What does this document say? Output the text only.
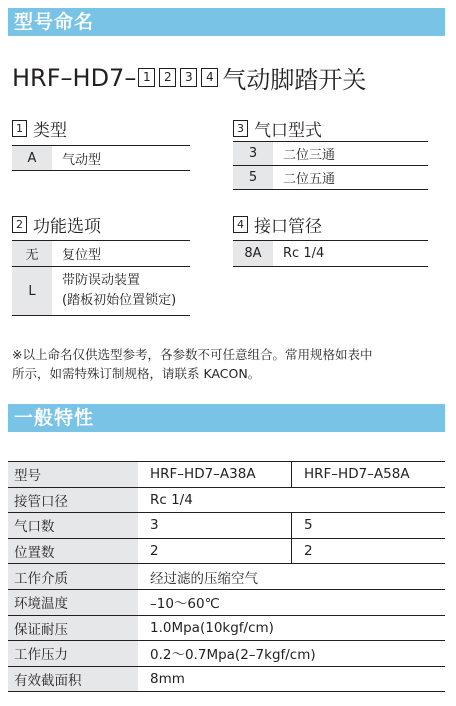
型号命名
HRF–HD7– 1	2	3	4 气动脚踏开关
1 类型
A	气动型
3 气口型式
3	二位三通
5	二位五通
2 功能选项
无	复位型
L	带防误动装置
(踏板初始位置锁定)
4 接口管径
8A	Rc 1/4
※以上命名仅供选型参考，各参数不可任意组合。常用规格如表中
所示，如需特殊订制规格，请联系 KACON。
一般特性
型号	HRF–HD7–A38A	HRF–HD7–A58A
接管口径	Rc 1/4	
气口数	3	5
位置数	2	2
工作介质	经过滤的压缩空气	
环境温度	–10～60℃	
保证耐压	1.0Mpa(10kgf/cm)	
工作压力	0.2～0.7Mpa(2–7kgf/cm)	
有效截面积	8mm	
